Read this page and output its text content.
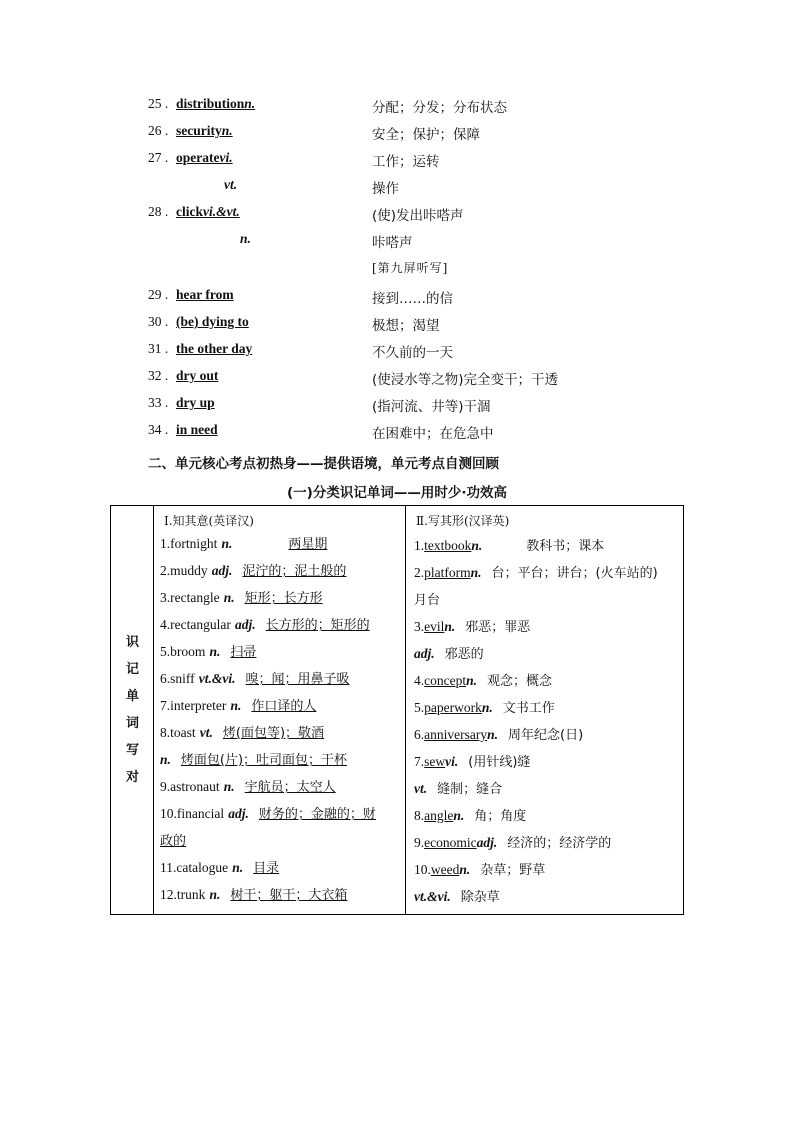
25 . distributionn.	分配；分发；分布状态
26 . securityn.	安全；保护；保障
27 . operatevi.	工作；运转
vt.	操作
28 . clickvi.&vt.	(使)发出咔嗒声
n.	咔嗒声
[第九屏听写]
29 . hear from	接到……的信
30 . (be) dying to	极想；渴望
31 . the other day	不久前的一天
32 . dry out	(使浸水等之物)完全变干；干透
33 . dry up	(指河流、井等)干涸
34 . in need	在困难中；在危急中
二、单元核心考点初热身——提供语境，单元考点自测回顾
(一)分类识记单词——用时少·功效高
识
记
单
词
写
对
Ⅰ.知其意(英译汉)
1.fortnight n.	两星期
2.muddy adj. 泥泞的；泥土般的
3.rectangle n. 矩形；长方形
4.rectangular adj. 长方形的；矩形的
5.broom n. 扫帚
6.sniff vt.&vi. 嗅；闻；用鼻子吸
7.interpreter n. 作口译的人
8.toast vt. 烤(面包等)；敬酒
n. 烤面包(片)；吐司面包；干杯
9.astronaut n. 宇航员；太空人
10.financial adj. 财务的；金融的；财
政的
11.catalogue n. 目录
12.trunk n. 树干；躯干；大衣箱
Ⅱ.写其形(汉译英)
1.textbookn.	教科书；课本
2.platformn. 台；平台；讲台；(火车站的)
月台
3.eviln. 邪恶；罪恶
adj. 邪恶的
4.conceptn. 观念；概念
5.paperworkn. 文书工作
6.anniversaryn. 周年纪念(日)
7.sewvi. (用针线)缝
vt. 缝制；缝合
8.anglen. 角；角度
9.economicadj. 经济的；经济学的
10.weedn. 杂草；野草
vt.&vi. 除杂草
